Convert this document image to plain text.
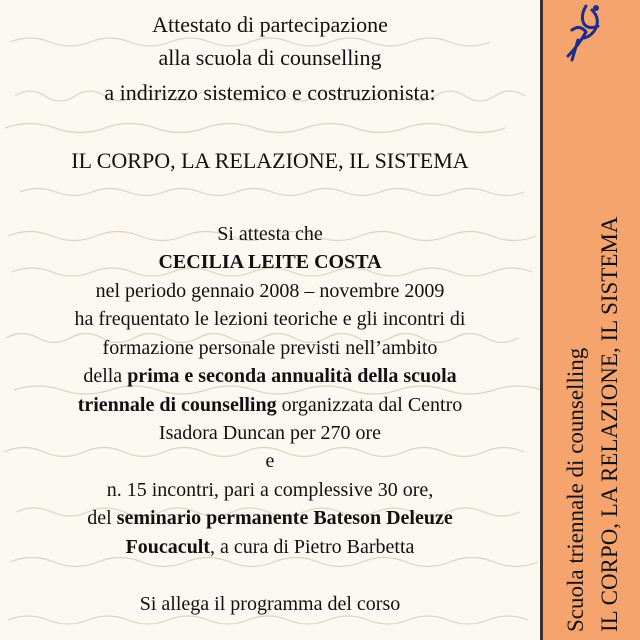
Scuola triennale di counselling IL CORPO, LA RELAZIONE, IL SISTEMA
Attestato di partecipazione
alla scuola di counselling
a indirizzo sistemico e costruzionista:
IL CORPO, LA RELAZIONE, IL SISTEMA
Si attesta che
CECILIA LEITE COSTA
nel periodo gennaio 2008 – novembre 2009
ha frequentato le lezioni teoriche e gli incontri di
formazione personale previsti nell’ambito
della prima e seconda annualità della scuola
triennale di counselling organizzata dal Centro
Isadora Duncan per 270 ore
e
n. 15 incontri, pari a complessive 30 ore,
del seminario permanente Bateson Deleuze
Foucacult, a cura di Pietro Barbetta
Si allega il programma del corso
